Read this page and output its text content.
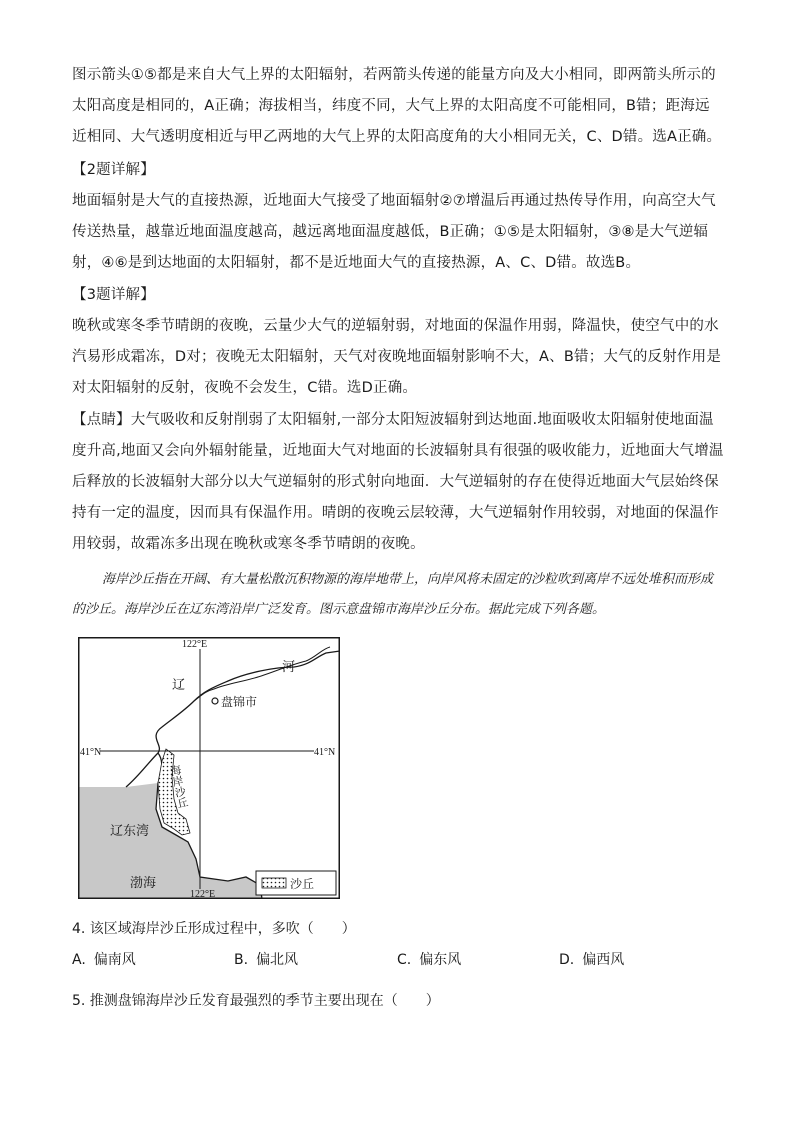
图示箭头①⑤都是来自大气上界的太阳辐射，若两箭头传递的能量方向及大小相同，即两箭头所示的太阳高度是相同的，A正确；海拔相当，纬度不同，大气上界的太阳高度不可能相同，B错；距海远近相同、大气透明度相近与甲乙两地的大气上界的太阳高度角的大小相同无关，C、D错。选A正确。

【2题详解】

地面辐射是大气的直接热源，近地面大气接受了地面辐射②⑦增温后再通过热传导作用，向高空大气传送热量，越靠近地面温度越高，越远离地面温度越低，B正确；①⑤是太阳辐射，③⑧是大气逆辐射，④⑥是到达地面的太阳辐射，都不是近地面大气的直接热源，A、C、D错。故选B。

【3题详解】

晚秋或寒冬季节晴朗的夜晚，云量少大气的逆辐射弱，对地面的保温作用弱，降温快，使空气中的水汽易形成霜冻，D对；夜晚无太阳辐射，天气对夜晚地面辐射影响不大，A、B错；大气的反射作用是对太阳辐射的反射，夜晚不会发生，C错。选D正确。

【点睛】大气吸收和反射削弱了太阳辐射,一部分太阳短波辐射到达地面.地面吸收太阳辐射使地面温度升高,地面又会向外辐射能量，近地面大气对地面的长波辐射具有很强的吸收能力，近地面大气增温后释放的长波辐射大部分以大气逆辐射的形式射向地面．大气逆辐射的存在使得近地面大气层始终保持有一定的温度，因而具有保温作用。晴朗的夜晚云层较薄，大气逆辐射作用较弱，对地面的保温作用较弱，故霜冻多出现在晚秋或寒冬季节晴朗的夜晚。

海岸沙丘指在开阔、有大量松散沉积物源的海岸地带上，向岸风将未固定的沙粒吹到离岸不远处堆积而形成的沙丘。海岸沙丘在辽东湾沿岸广泛发育。图示意盘锦市海岸沙丘分布。据此完成下列各题。

122°E
41°N	41°N
122°E
辽
河
盘锦市
海岸沙丘
辽东湾
渤海	沙丘
4. 该区域海岸沙丘形成过程中，多吹（　　）
A. 偏南风	B. 偏北风	C. 偏东风	D. 偏西风
5. 推测盘锦海岸沙丘发育最强烈的季节主要出现在（　　）
